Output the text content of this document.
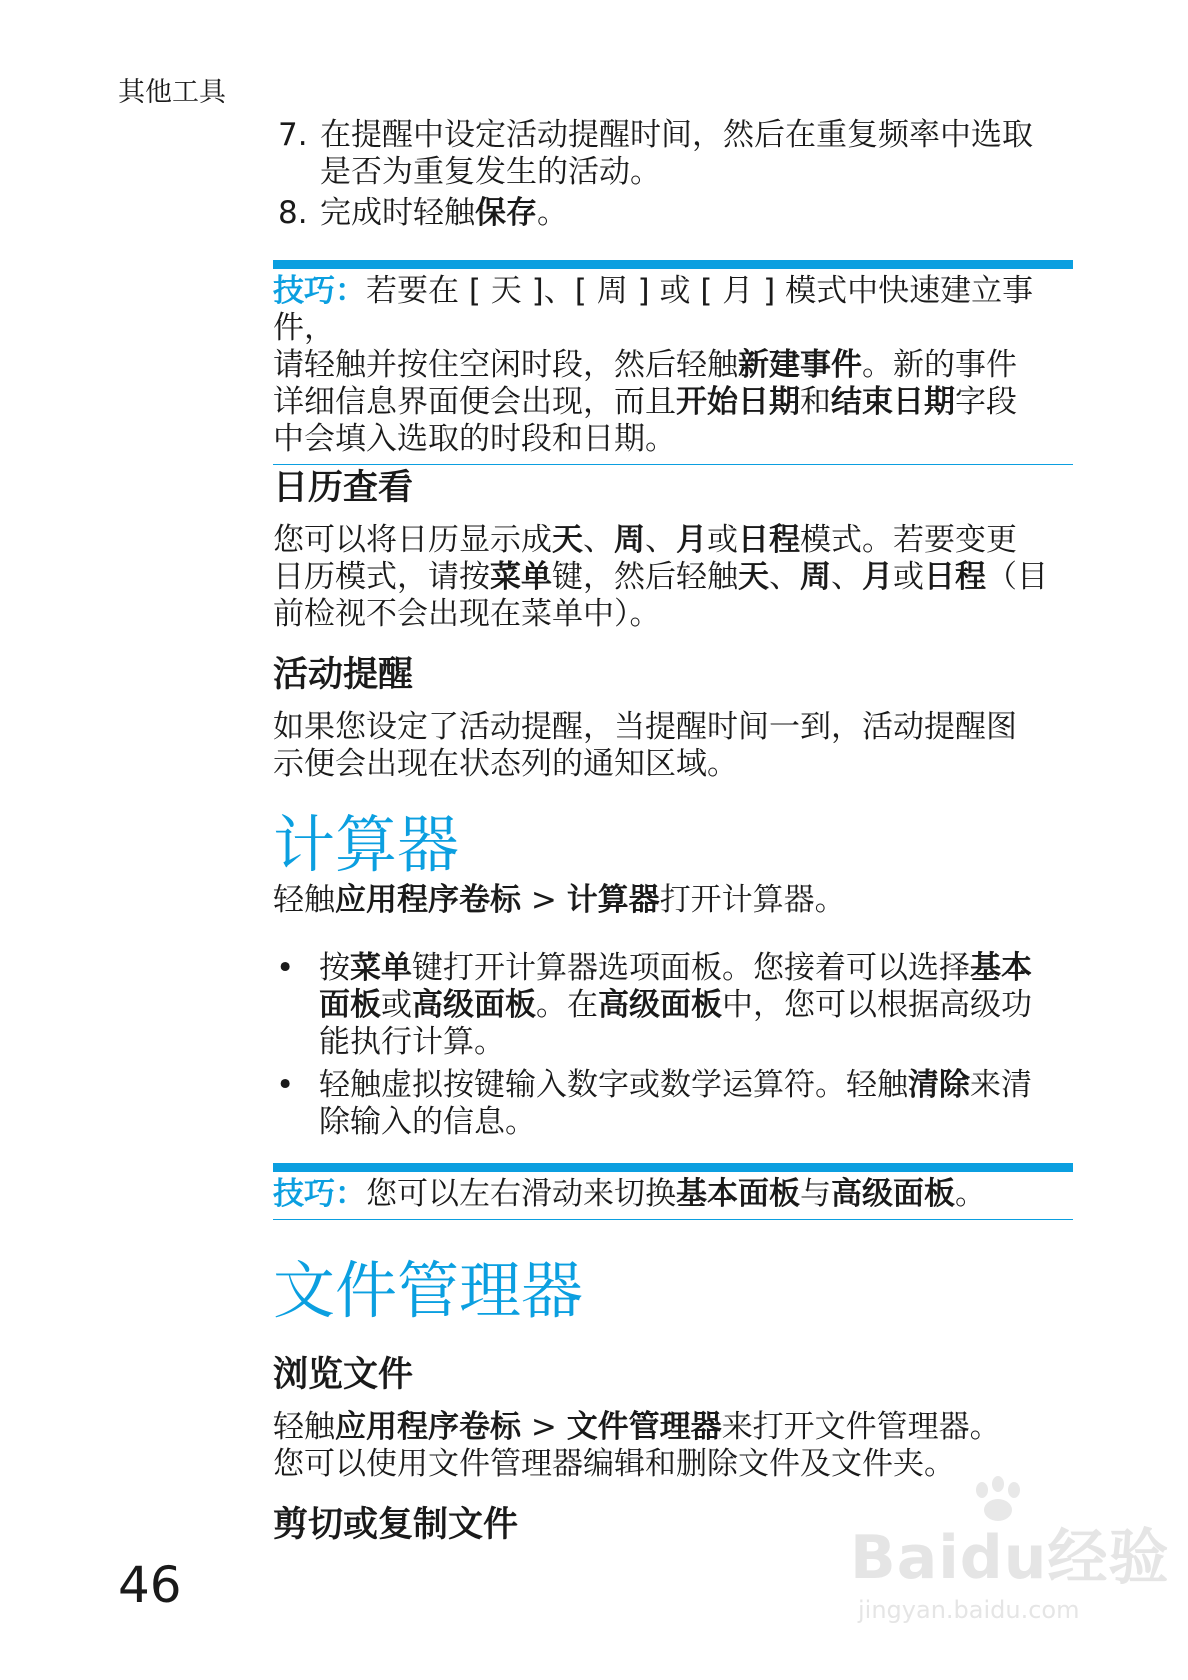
其他工具
7. 在提醒中设定活动提醒时间，然后在重复频率中选取
是否为重复发生的活动。
8. 完成时轻触保存。
技巧：若要在 [ 天 ]、[ 周 ] 或 [ 月 ] 模式中快速建立事件，
请轻触并按住空闲时段，然后轻触新建事件。新的事件
详细信息界面便会出现，而且开始日期和结束日期字段
中会填入选取的时段和日期。
日历查看
您可以将日历显示成天、周、月或日程模式。若要变更
日历模式，请按菜单键，然后轻触天、周、月或日程（目
前检视不会出现在菜单中）。
活动提醒
如果您设定了活动提醒，当提醒时间一到，活动提醒图
示便会出现在状态列的通知区域。
计算器
轻触应用程序卷标 > 计算器打开计算器。
• 按菜单键打开计算器选项面板。您接着可以选择基本
面板或高级面板。在高级面板中，您可以根据高级功
能执行计算。
• 轻触虚拟按键输入数字或数学运算符。轻触清除来清
除输入的信息。
技巧：您可以左右滑动来切换基本面板与高级面板。
文件管理器
浏览文件
轻触应用程序卷标 > 文件管理器来打开文件管理器。
您可以使用文件管理器编辑和删除文件及文件夹。
剪切或复制文件
46	Baidu经验
jingyan.baidu.com
